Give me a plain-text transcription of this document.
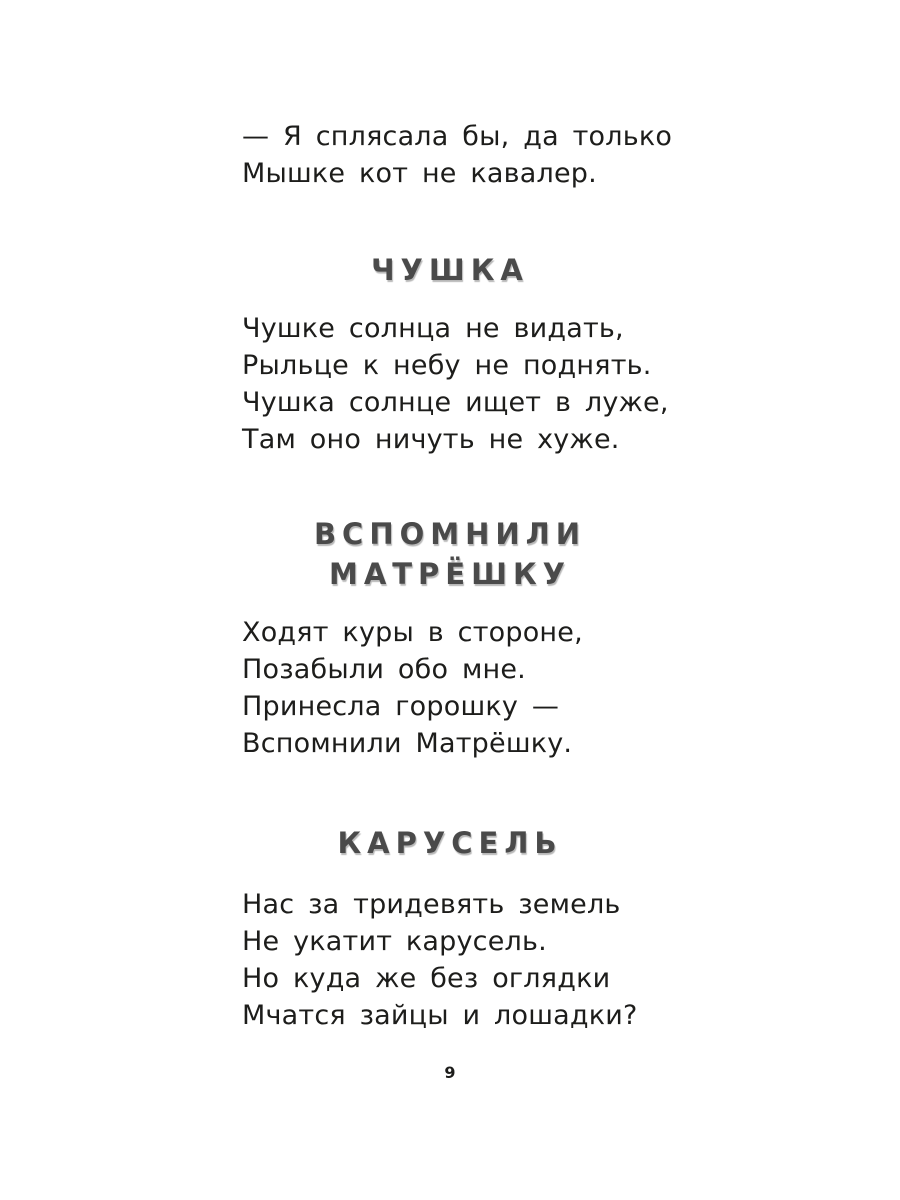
— Я сплясала бы, да только
Мышке кот не кавалер.
ЧУШКА
Чушке солнца не видать,
Рыльце к небу не поднять.
Чушка солнце ищет в луже,
Там оно ничуть не хуже.
ВСПОМНИЛИ
МАТРЁШКУ
Ходят куры в стороне,
Позабыли обо мне.
Принесла горошку —
Вспомнили Матрёшку.
КАРУСЕЛЬ
Нас за тридевять земель
Не укатит карусель.
Но куда же без оглядки
Мчатся зайцы и лошадки?
9
